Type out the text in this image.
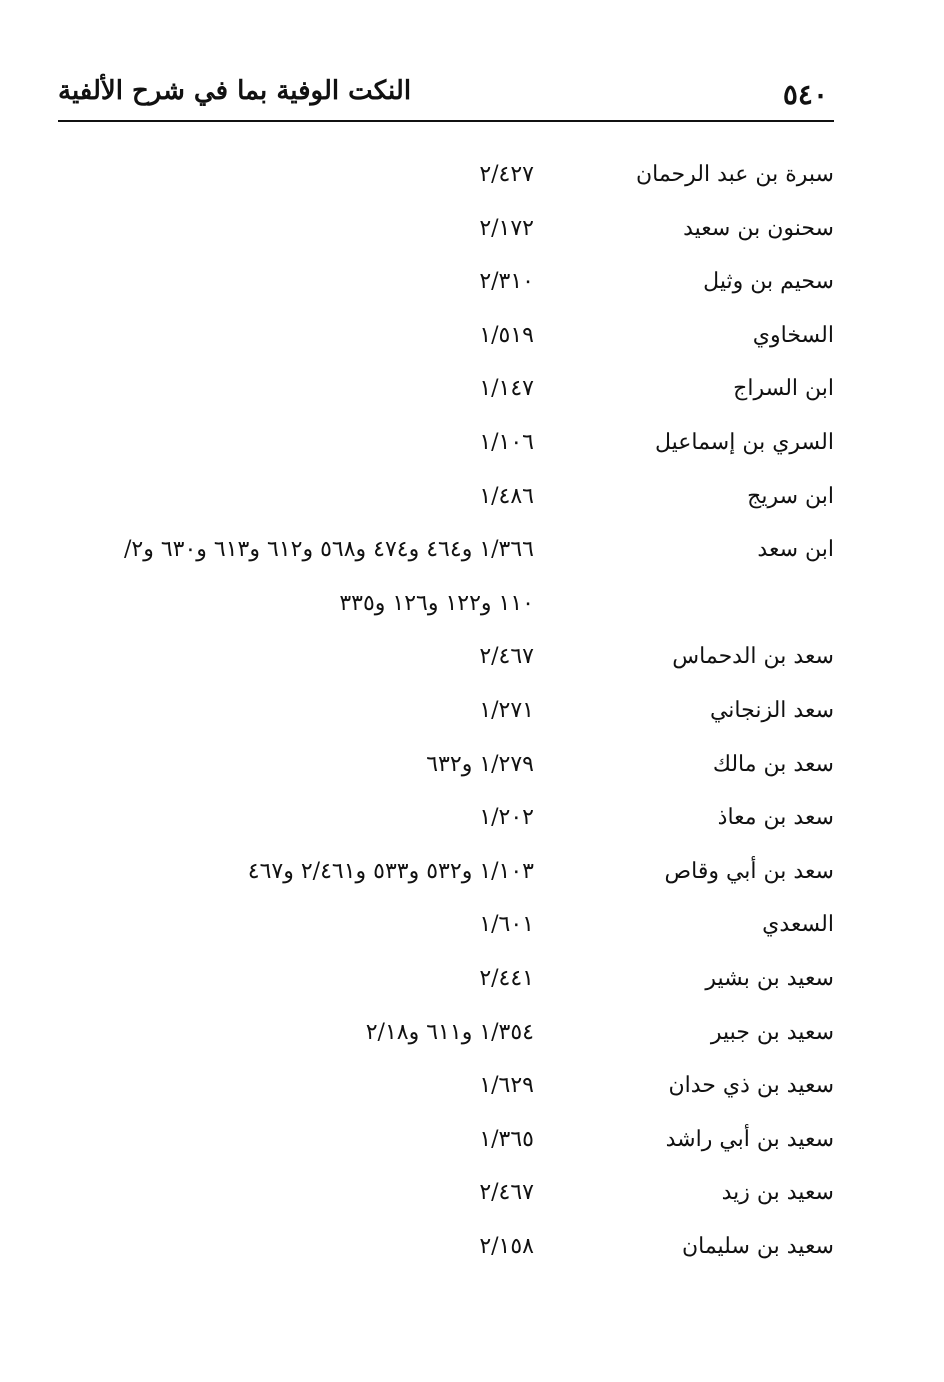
٥٤٠
النكت الوفية بما في شرح الألفية
سبرة بن عبد الرحمان
٢/٤٢٧
سحنون بن سعيد
٢/١٧٢
سحيم بن وثيل
٢/٣١٠
السخاوي
١/٥١٩
ابن السراج
١/١٤٧
السري بن إسماعيل
١/١٠٦
ابن سريج
١/٤٨٦
ابن سعد
١/٣٦٦ و٤٦٤ و٤٧٤ و٥٦٨ و٦١٢ و٦١٣ و٦٣٠ و٢/
١١٠ و١٢٢ و١٢٦ و٣٣٥
سعد بن الدحماس
٢/٤٦٧
سعد الزنجاني
١/٢٧١
سعد بن مالك
١/٢٧٩ و٦٣٢
سعد بن معاذ
١/٢٠٢
سعد بن أبي وقاص
١/١٠٣ و٥٣٢ و٥٣٣ و٢/٤٦١ و٤٦٧
السعدي
١/٦٠١
سعيد بن بشير
٢/٤٤١
سعيد بن جبير
١/٣٥٤ و٦١١ و٢/١٨
سعيد بن ذي حدان
١/٦٢٩
سعيد بن أبي راشد
١/٣٦٥
سعيد بن زيد
٢/٤٦٧
سعيد بن سليمان
٢/١٥٨
